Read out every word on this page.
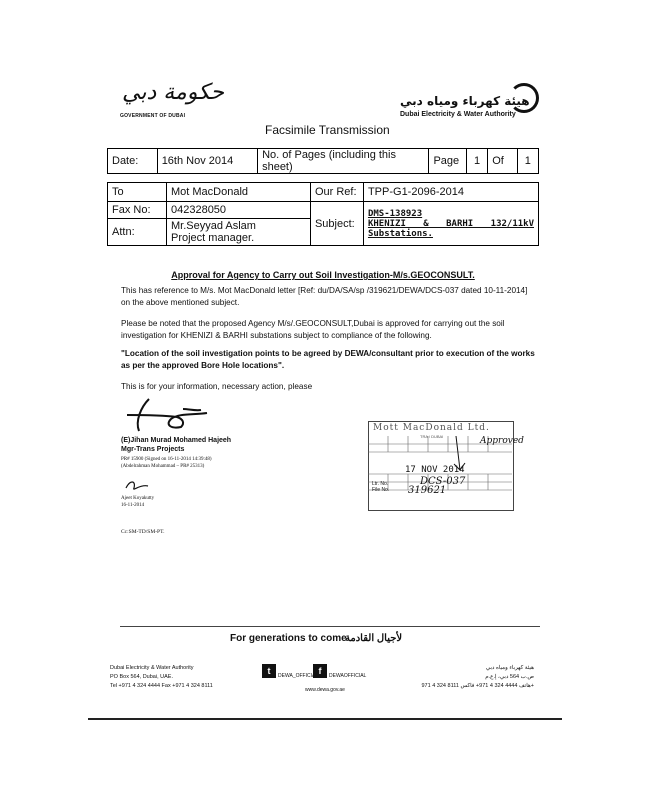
حكومة دبي
GOVERNMENT OF DUBAI
هيئة كهرباء ومياه دبي
Dubai Electricity & Water Authority
Facsimile Transmission
Date:	16th Nov 2014	No. of Pages (including this sheet)	Page	1	Of	1
To	Mot MacDonald	Our Ref:	TPP-G1-2096-2014
Fax No:	042328050	Subject:	DMS-138923
KHENIZI & BARHI 132/11kV
Substations.

Attn:	Mr.Seyyad Aslam
Project manager.		
Approval for Agency to Carry out Soil Investigation-M/s.GEOCONSULT.
This has reference to M/s. Mot MacDonald letter [Ref: du/DA/SA/sp /319621/DEWA/DCS-037 dated 10-11-2014] on the above mentioned subject.
Please be noted that the proposed Agency M/s/.GEOCONSULT,Dubai is approved for carrying out the soil investigation for KHENIZI & BARHI substations subject to compliance of the following.
"Location of the soil investigation points to be agreed by DEWA/consultant prior to execution of the works as per the approved Bore Hole locations".
This is for your information, necessary action, please
(E)Jihan Murad Mohamed Hajeeh
Mgr-Trans Projects
PR# 15900 (Signed on 16-11-2014 14:39:48)
(Abdelrahman Mohammad – PR# 25313)
Ajeet Koyakutty
16-11-2014
Cc:SM-TD/SM-PT.
Mott MacDonald Ltd.
TRA / DUBAI
17 NOV 2014
Ltr. No.
File No.
DCS-037
319621
Approved
For generations to come
لأجيال القادمة
Dubai Electricity & Water Authority
PO Box 564, Dubai, UAE.
Tel +971 4 324 4444 Fax +971 4 324 8111
t	f
DEWA_OFFICIAL DEWAOFFICIAL
www.dewa.gov.ae
هيئة كهرباء ومياه دبي
ص.ب 564 دبي، إ.ع.م
هاتف 4444 324 4 971+ فاكس 8111 324 4 971+
